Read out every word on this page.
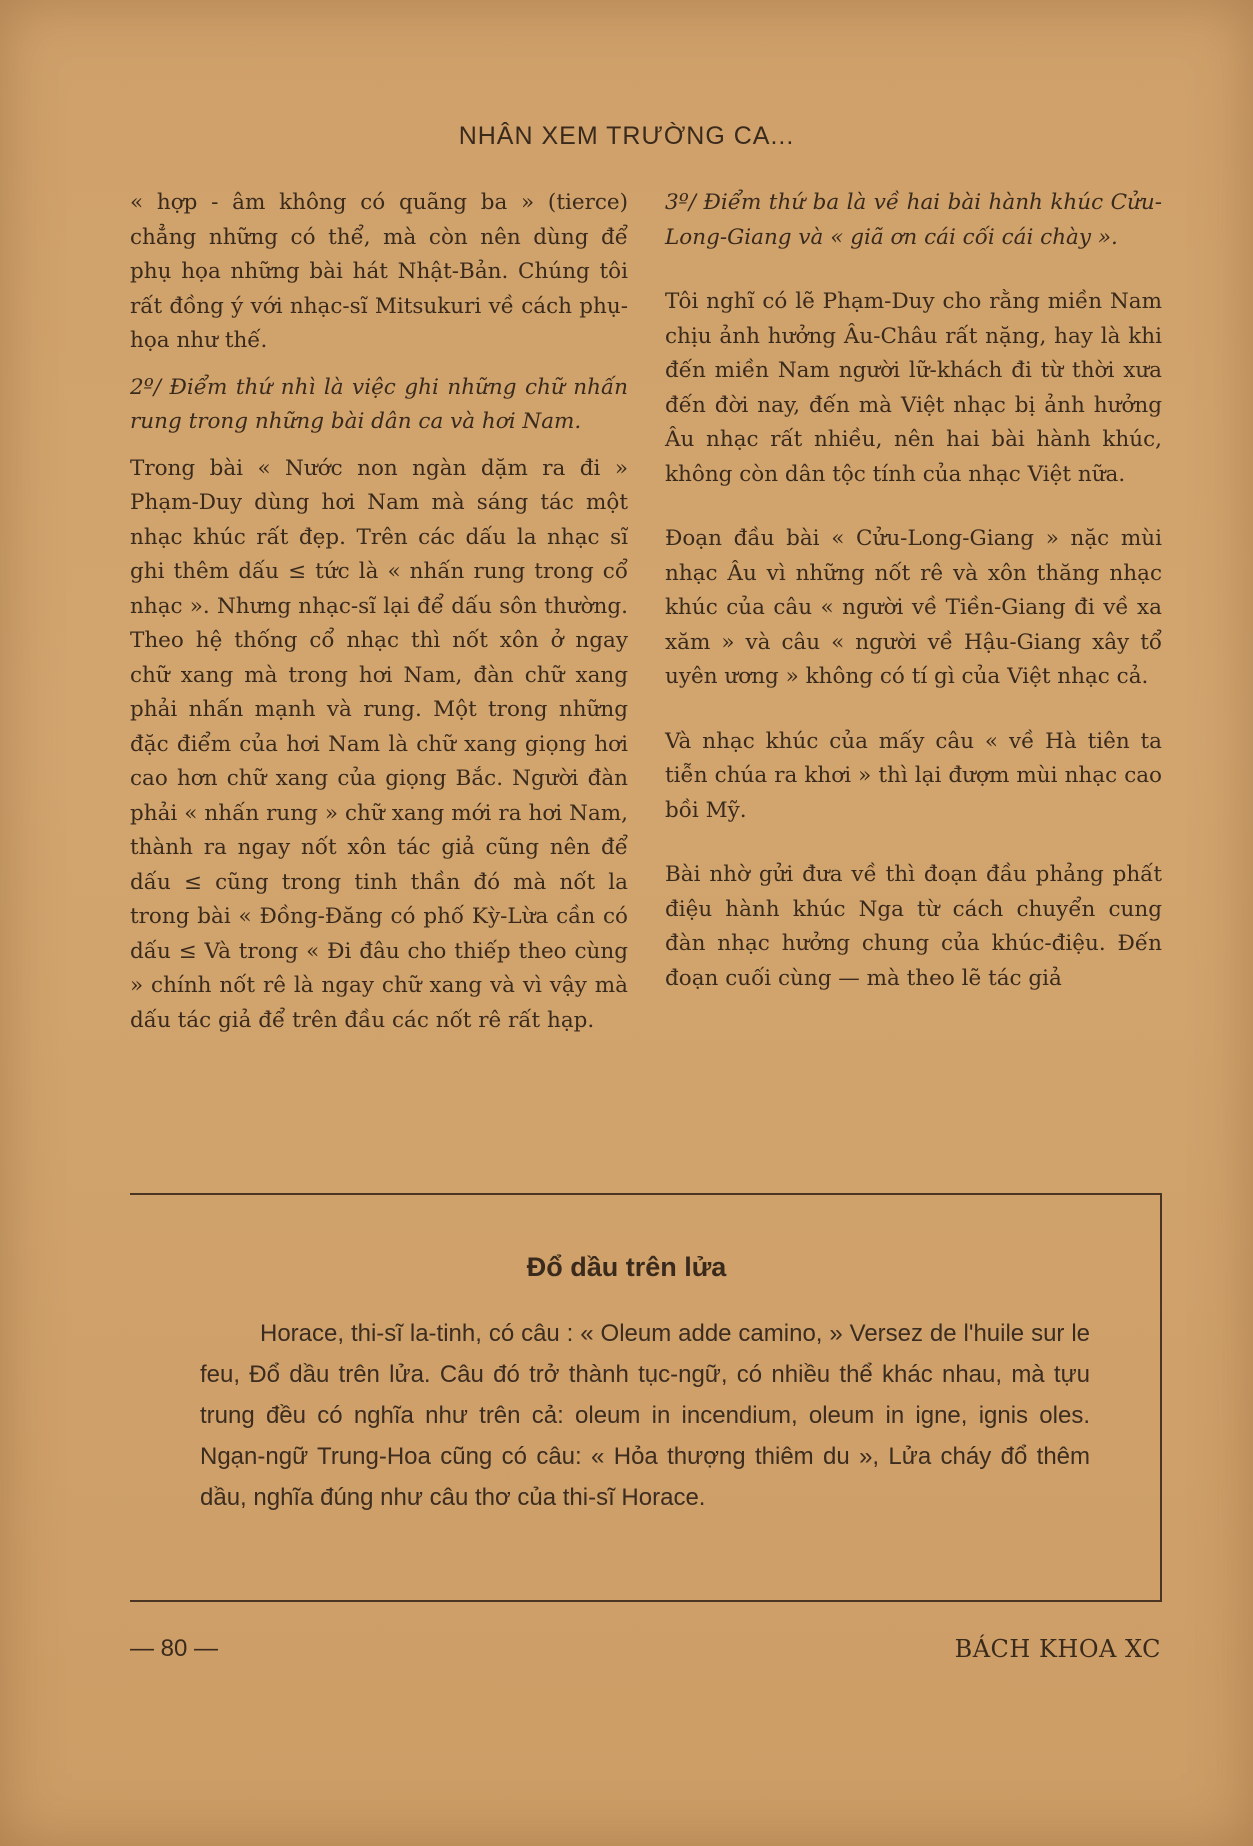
NHÂN XEM TRƯỜNG CA...

« hợp - âm không có quãng ba » (tierce) chẳng những có thể, mà còn nên dùng để phụ họa những bài hát Nhật-Bản. Chúng tôi rất đồng ý với nhạc-sĩ Mitsukuri về cách phụ-họa như thế.

2º/ Điểm thứ nhì là việc ghi những chữ nhấn rung trong những bài dân ca và hơi Nam.

Trong bài « Nước non ngàn dặm ra đi » Phạm-Duy dùng hơi Nam mà sáng tác một nhạc khúc rất đẹp. Trên các dấu la nhạc sĩ ghi thêm dấu ≤ tức là « nhấn rung trong cổ nhạc ». Nhưng nhạc-sĩ lại để dấu sôn thường. Theo hệ thống cổ nhạc thì nốt xôn ở ngay chữ xang mà trong hơi Nam, đàn chữ xang phải nhấn mạnh và rung. Một trong những đặc điểm của hơi Nam là chữ xang giọng hơi cao hơn chữ xang của giọng Bắc. Người đàn phải « nhấn rung » chữ xang mới ra hơi Nam, thành ra ngay nốt xôn tác giả cũng nên để dấu ≤ cũng trong tinh thần đó mà nốt la trong bài « Đồng-Đăng có phố Kỳ-Lừa cần có dấu ≤ Và trong « Đi đâu cho thiếp theo cùng » chính nốt rê là ngay chữ xang và vì vậy mà dấu tác giả để trên đầu các nốt rê rất hạp.

3º/ Điểm thứ ba là về hai bài hành khúc Cửu-Long-Giang và « giã ơn cái cối cái chày ».

Tôi nghĩ có lẽ Phạm-Duy cho rằng miền Nam chịu ảnh hưởng Âu-Châu rất nặng, hay là khi đến miền Nam người lữ-khách đi từ thời xưa đến đời nay, đến mà Việt nhạc bị ảnh hưởng Âu nhạc rất nhiều, nên hai bài hành khúc, không còn dân tộc tính của nhạc Việt nữa.

Đoạn đầu bài « Cửu-Long-Giang » nặc mùi nhạc Âu vì những nốt rê và xôn thăng nhạc khúc của câu « người về Tiền-Giang đi về xa xăm » và câu « người về Hậu-Giang xây tổ uyên ương » không có tí gì của Việt nhạc cả.

Và nhạc khúc của mấy câu « về Hà tiên ta tiễn chúa ra khơi » thì lại đượm mùi nhạc cao bồi Mỹ.

Bài nhờ gửi đưa về thì đoạn đầu phảng phất điệu hành khúc Nga từ cách chuyển cung đàn nhạc hưởng chung của khúc-điệu. Đến đoạn cuối cùng — mà theo lẽ tác giả

Đổ dầu trên lửa
Horace, thi-sĩ la-tinh, có câu : « Oleum adde camino, » Versez de l'huile sur le feu, Đổ dầu trên lửa. Câu đó trở thành tục-ngữ, có nhiều thể khác nhau, mà tựu trung đều có nghĩa như trên cả: oleum in incendium, oleum in igne, ignis oles. Ngạn-ngữ Trung-Hoa cũng có câu: « Hỏa thượng thiêm du », Lửa cháy đổ thêm dầu, nghĩa đúng như câu thơ của thi-sĩ Horace.
— 80 —	BÁCH KHOA XC
